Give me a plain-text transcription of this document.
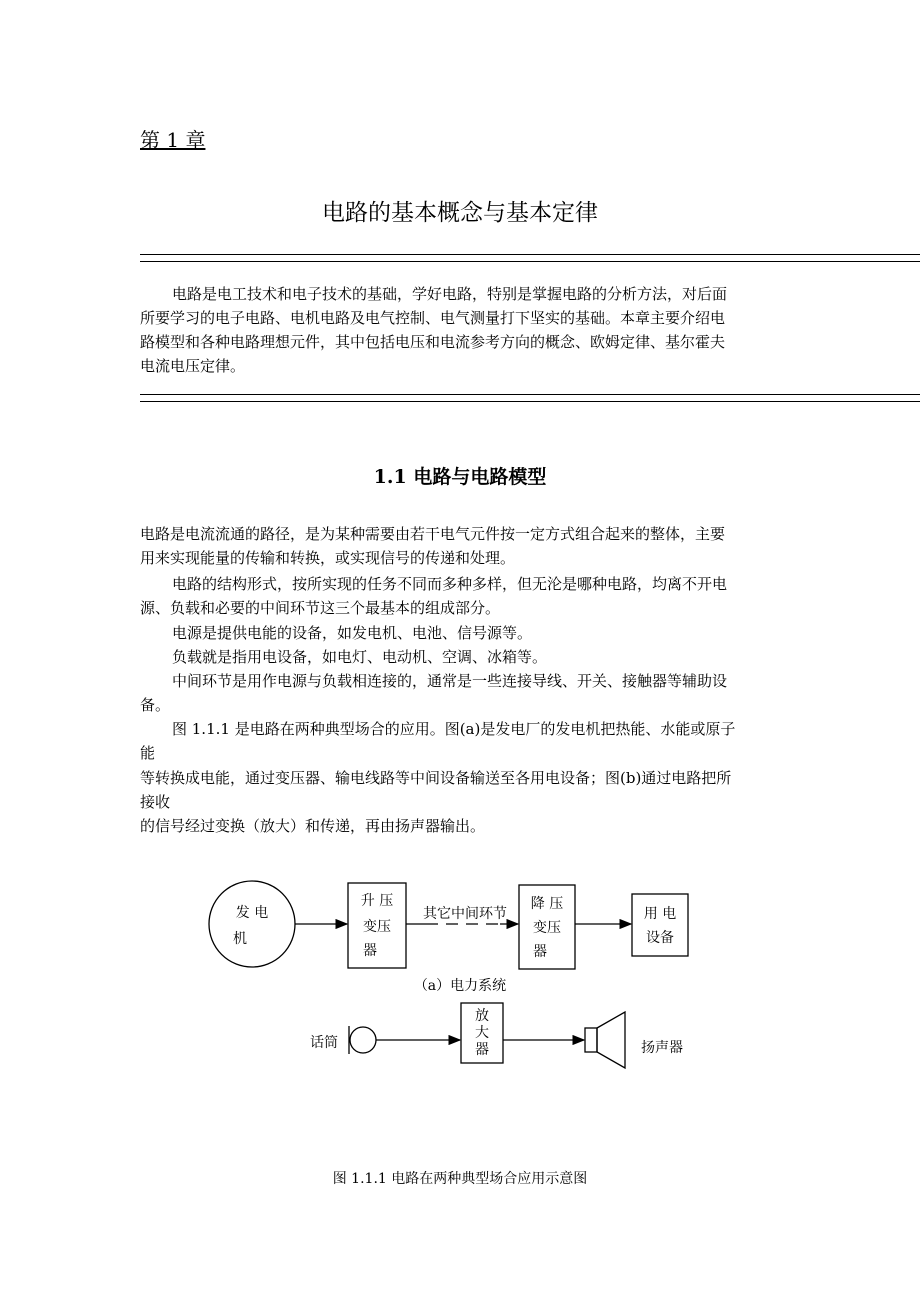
第 1 章
电路的基本概念与基本定律
电路是电工技术和电子技术的基础，学好电路，特别是掌握电路的分析方法，对后面
所要学习的电子电路、电机电路及电气控制、电气测量打下坚实的基础。本章主要介绍电
路模型和各种电路理想元件，其中包括电压和电流参考方向的概念、欧姆定律、基尔霍夫
电流电压定律。
1.1 电路与电路模型
电路是电流流通的路径，是为某种需要由若干电气元件按一定方式组合起来的整体，主要
用来实现能量的传输和转换，或实现信号的传递和处理。
电路的结构形式，按所实现的任务不同而多种多样，但无沦是哪种电路，均离不开电
源、负载和必要的中间环节这三个最基本的组成部分。
电源是提供电能的设备，如发电机、电池、信号源等。
负载就是指用电设备，如电灯、电动机、空调、冰箱等。
中间环节是用作电源与负载相连接的，通常是一些连接导线、开关、接触器等辅助设
备。
图 1.1.1 是电路在两种典型场合的应用。图(a)是发电厂的发电机把热能、水能或原子
能
等转换成电能，通过变压器、输电线路等中间设备输送至各用电设备；图(b)通过电路把所
接收
的信号经过变换（放大）和传递，再由扬声器输出。
发 电
机
升 压
变压
器
其它中间环节
降 压
变压
器
用 电
设备
（a）电力系统
话筒
放
大
器	扬声器
图 1.1.1 电路在两种典型场合应用示意图
